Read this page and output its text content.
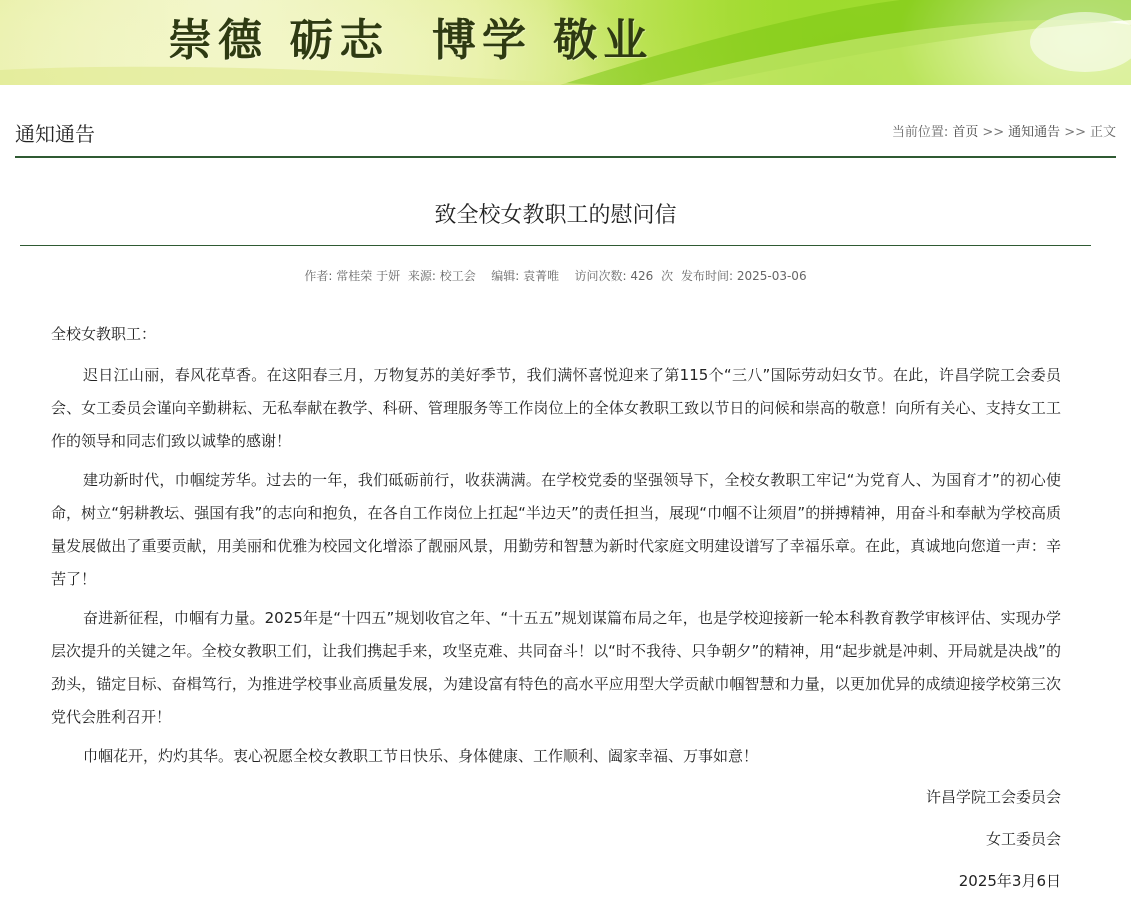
崇德 砺志  博学 敬业
通知通告	当前位置: 首页 >> 通知通告 >> 正文
致全校女教职工的慰问信
作者: 常桂荣 于妍 来源: 校工会 编辑: 袁菁唯 访问次数: 426 次 发布时间: 2025-03-06

全校女教职工：

迟日江山丽，春风花草香。在这阳春三月，万物复苏的美好季节，我们满怀喜悦迎来了第115个“三八”国际劳动妇女节。在此，许昌学院工会委员会、女工委员会谨向辛勤耕耘、无私奉献在教学、科研、管理服务等工作岗位上的全体女教职工致以节日的问候和崇高的敬意！向所有关心、支持女工工作的领导和同志们致以诚挚的感谢！

建功新时代，巾帼绽芳华。过去的一年，我们砥砺前行，收获满满。在学校党委的坚强领导下，全校女教职工牢记“为党育人、为国育才”的初心使命，树立“躬耕教坛、强国有我”的志向和抱负，在各自工作岗位上扛起“半边天”的责任担当，展现“巾帼不让须眉”的拼搏精神，用奋斗和奉献为学校高质量发展做出了重要贡献，用美丽和优雅为校园文化增添了靓丽风景，用勤劳和智慧为新时代家庭文明建设谱写了幸福乐章。在此，真诚地向您道一声：辛苦了！

奋进新征程，巾帼有力量。2025年是“十四五”规划收官之年、“十五五”规划谋篇布局之年，也是学校迎接新一轮本科教育教学审核评估、实现办学层次提升的关键之年。全校女教职工们，让我们携起手来，攻坚克难、共同奋斗！以“时不我待、只争朝夕”的精神，用“起步就是冲刺、开局就是决战”的劲头，锚定目标、奋楫笃行，为推进学校事业高质量发展，为建设富有特色的高水平应用型大学贡献巾帼智慧和力量，以更加优异的成绩迎接学校第三次党代会胜利召开！

巾帼花开，灼灼其华。衷心祝愿全校女教职工节日快乐、身体健康、工作顺利、阖家幸福、万事如意！

许昌学院工会委员会

女工委员会

2025年3月6日
